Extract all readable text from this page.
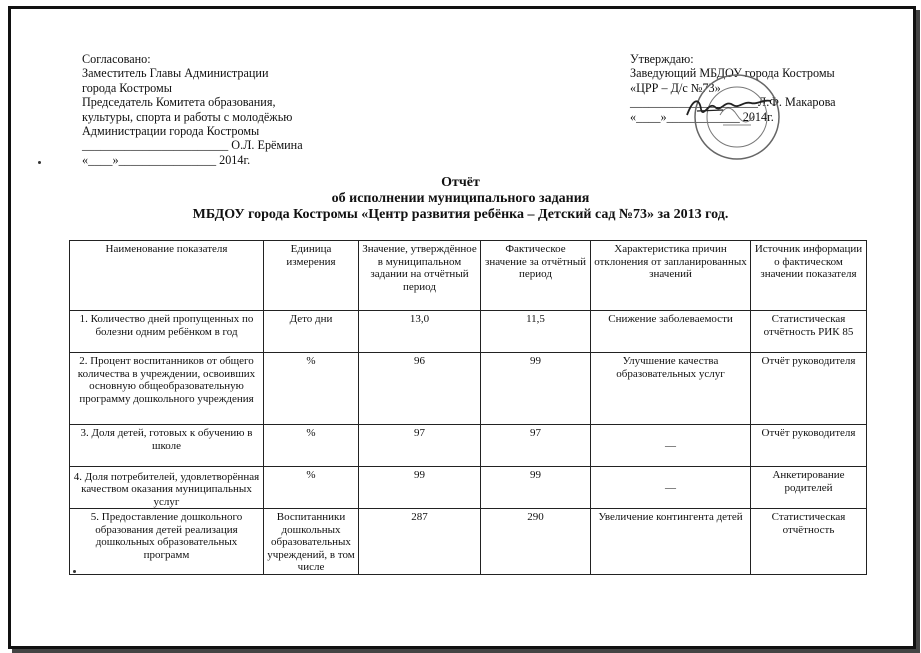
Согласовано:
Заместитель Главы Администрации
города Костромы
Председатель Комитета образования,
культуры, спорта и работы с молодёжью
Администрации города Костромы
________________________ О.Л. Ерёмина
«____»________________ 2014г.
Утверждаю:
Заведующий МБДОУ города Костромы
«ЦРР – Д/с №73»
_____________________Л.Ф. Макарова
«____»____________ 2014г.
Отчёт
об исполнении муниципального задания
МБДОУ города Костромы «Центр развития ребёнка – Детский сад №73» за 2013 год.
Наименование показателя	Единица измерения	Значение, утверждённое в муниципальном задании на отчётный период	Фактическое значение за отчётный период	Характеристика причин отклонения от запланированных значений	Источник информации о фактическом значении показателя
1. Количество дней пропущенных по болезни одним ребёнком в год	Дето дни	13,0	11,5	Снижение заболеваемости	Статистическая отчётность РИК 85
2. Процент воспитанников от общего количества в учреждении, освоивших основную общеобразовательную программу дошкольного учреждения	%	96	99	Улучшение качества образовательных услуг	Отчёт руководителя
3. Доля детей, готовых к обучению в школе	%	97	97	—	Отчёт руководителя
4. Доля потребителей, удовлетворённая качеством оказания муниципальных услуг	%	99	99	—	Анкетирование родителей
5. Предоставление дошкольного образования детей реализация дошкольных образовательных программ	Воспитанники дошкольных образовательных учреждений, в том числе	287	290	Увеличение контингента детей	Статистическая отчётность
